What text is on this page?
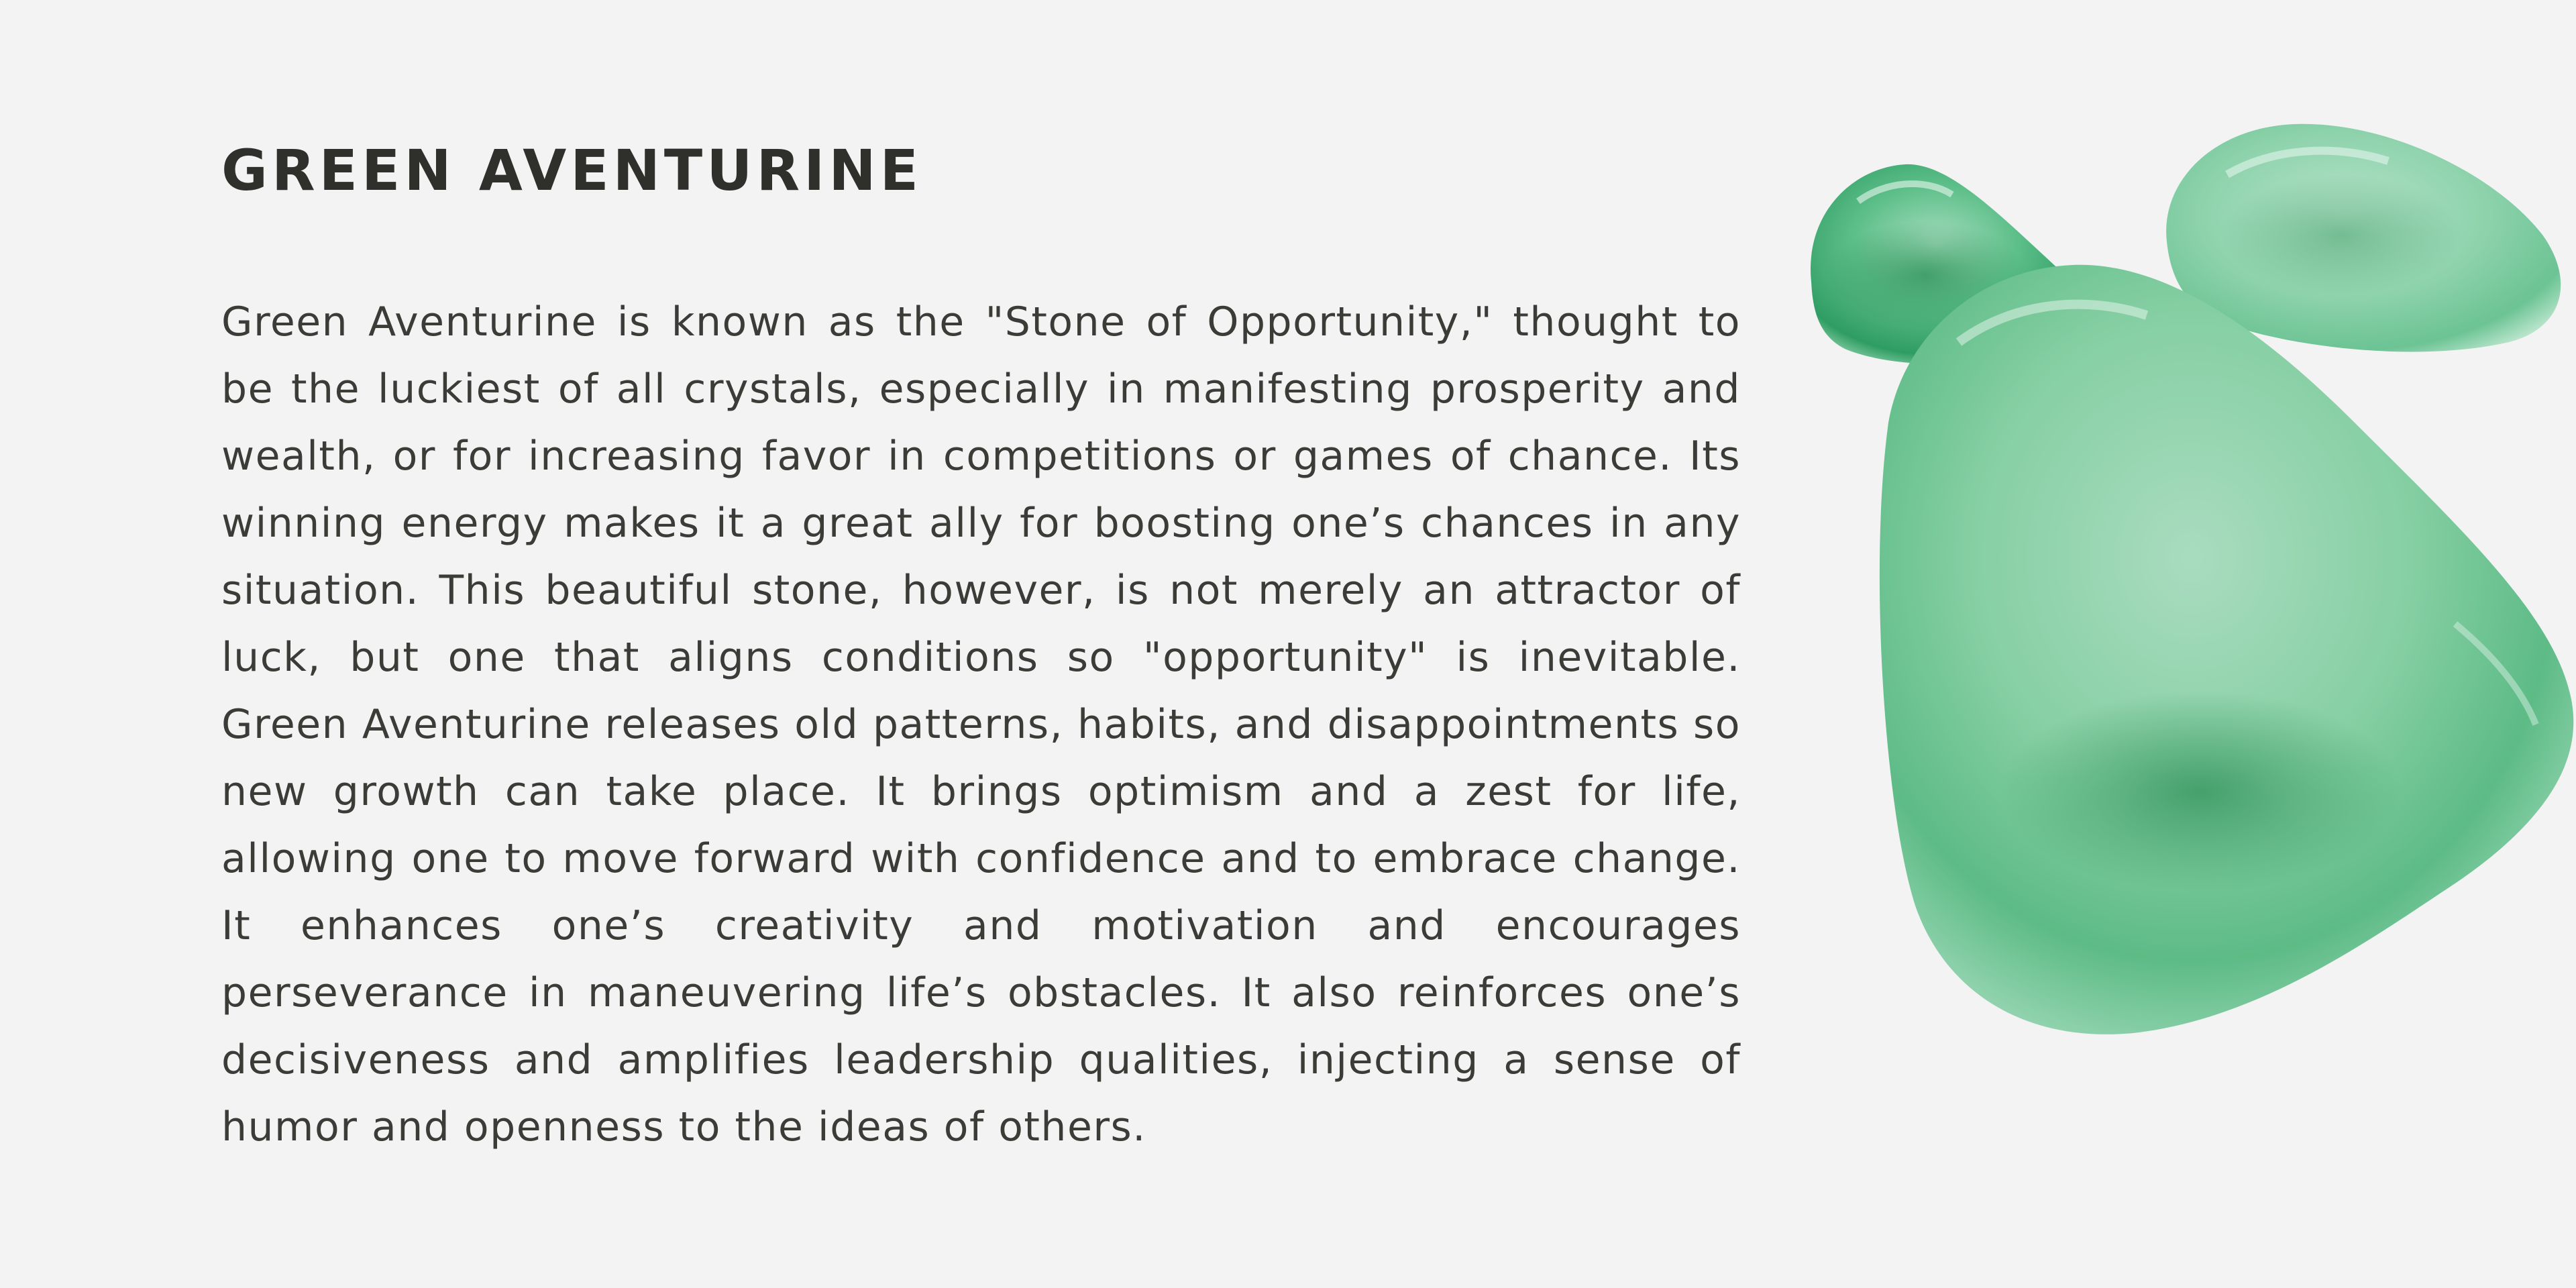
GREEN AVENTURINE

Green Aventurine is known as the "Stone of Opportunity," thought to be the luckiest of all crystals, especially in manifesting prosperity and wealth, or for increasing favor in competitions or games of chance. Its winning energy makes it a great ally for boosting one’s chances in any situation. This beautiful stone, however, is not merely an attractor of luck, but one that aligns conditions so "opportunity" is inevitable. Green Aventurine releases old patterns, habits, and disappointments so new growth can take place. It brings optimism and a zest for life, allowing one to move forward with confidence and to embrace change. It enhances one’s creativity and motivation and encourages perseverance in maneuvering life’s obstacles. It also reinforces one’s decisiveness and amplifies leadership qualities, injecting a sense of humor and openness to the ideas of others.
